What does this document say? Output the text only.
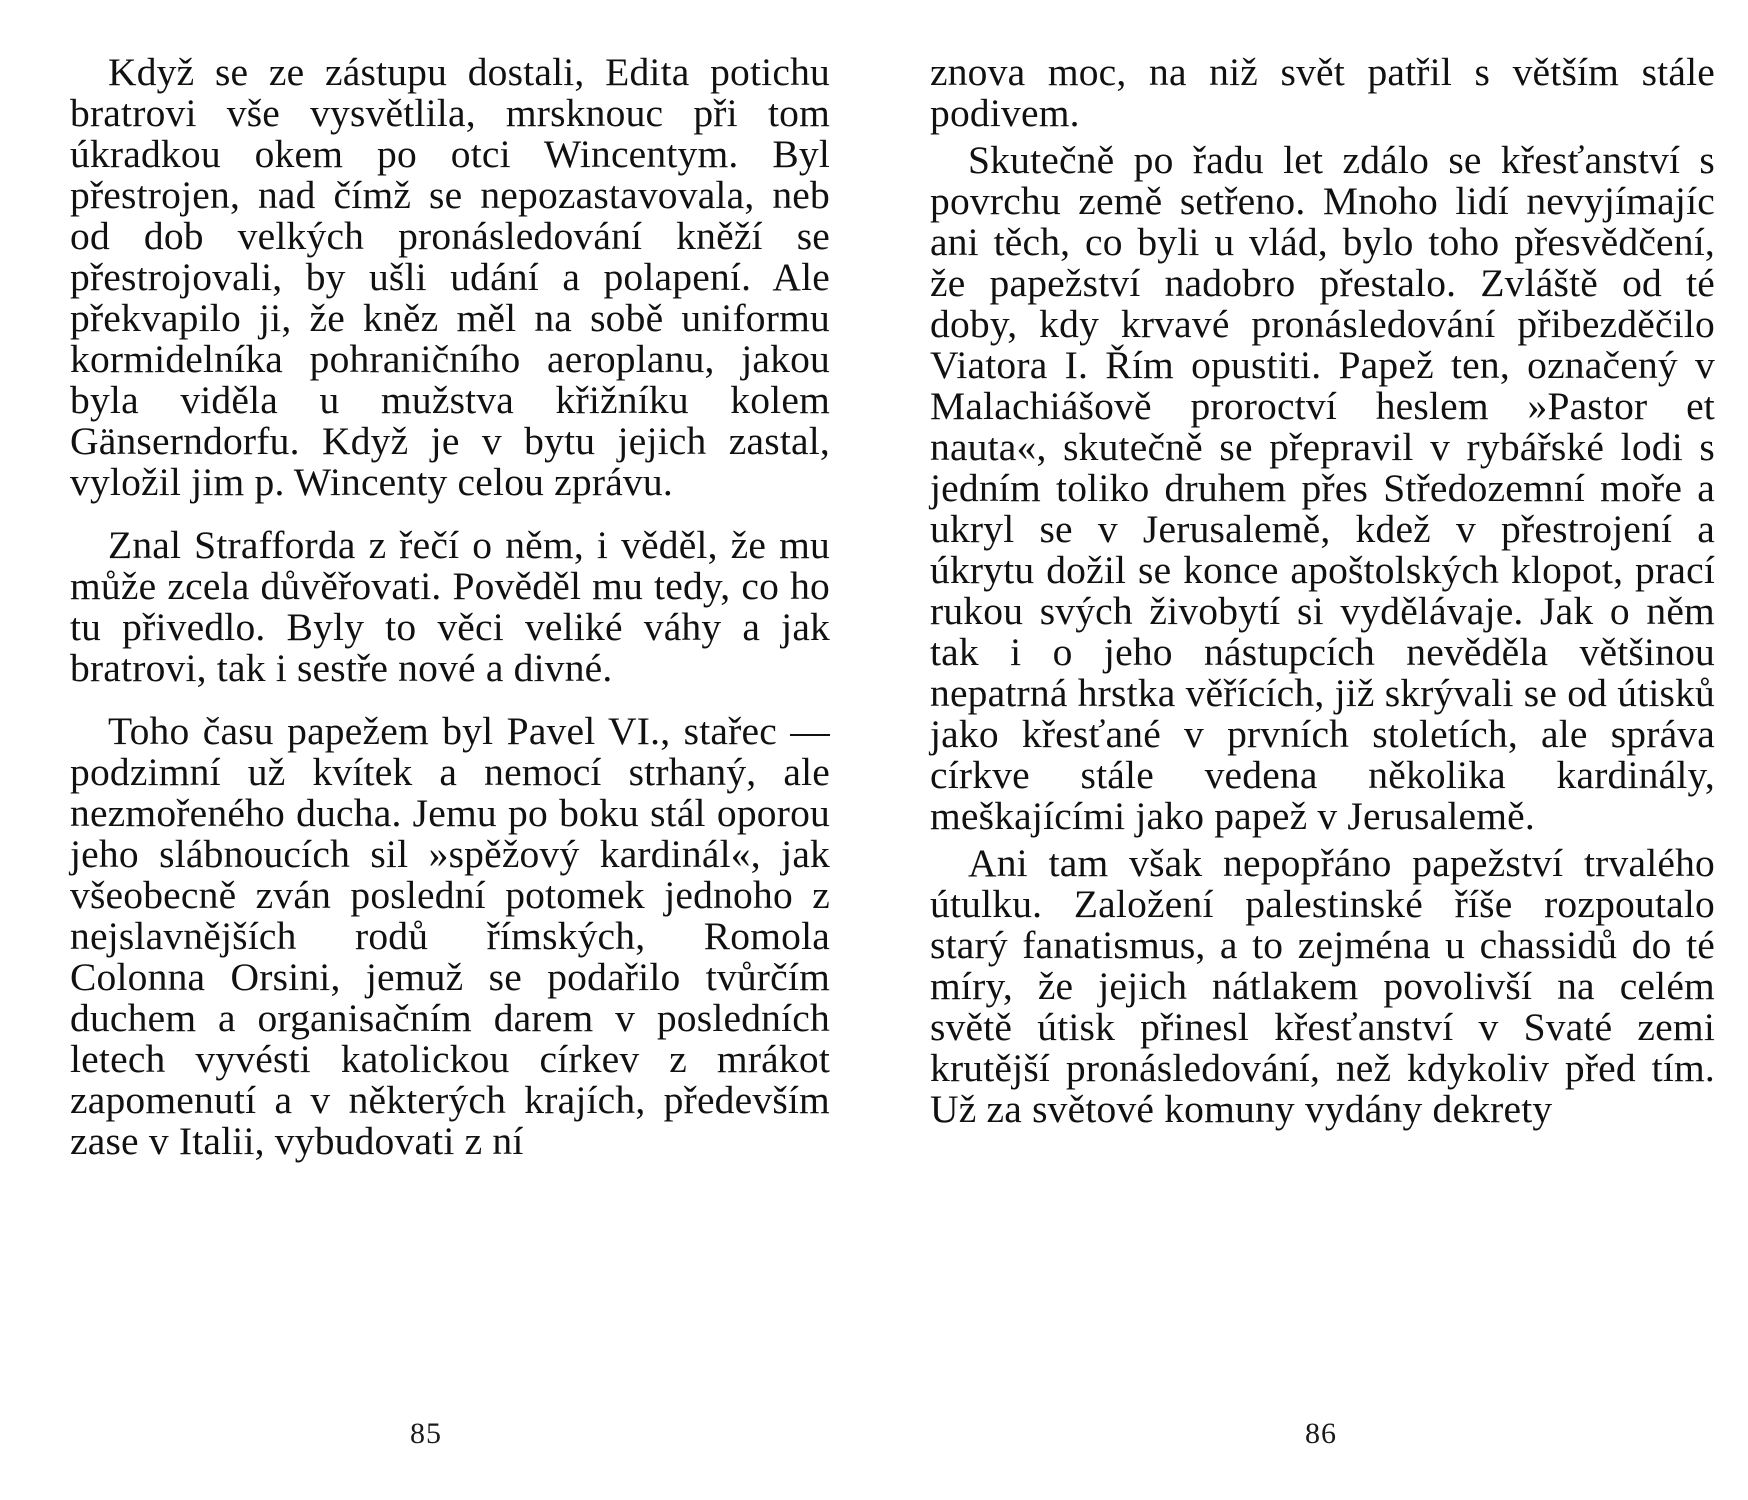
Když se ze zástupu dostali, Edita potichu bratrovi vše vysvětlila, mrsknouc při tom úkradkou okem po otci Wincentym. Byl přestrojen, nad čímž se nepozastavovala, neb od dob velkých pronásledování kněží se přestrojovali, by ušli udání a polapení. Ale překvapilo ji, že kněz měl na sobě uniformu kormidelníka pohraničního aeroplanu, jakou byla viděla u mužstva křižníku kolem Gänserndorfu. Když je v bytu jejich zastal, vyložil jim p. Wincenty celou zprávu.

Znal Strafforda z řečí o něm, i věděl, že mu může zcela důvěřovati. Pověděl mu tedy, co ho tu přivedlo. Byly to věci veliké váhy a jak bratrovi, tak i sestře nové a divné.

Toho času papežem byl Pavel VI., stařec — podzimní už kvítek a nemocí strhaný, ale nezmořeného ducha. Jemu po boku stál oporou jeho slábnoucích sil »spěžový kardinál«, jak všeobecně zván poslední potomek jednoho z nejslavnějších rodů římských, Romola Colonna Orsini, jemuž se podařilo tvůrčím duchem a organisačním darem v posledních letech vyvésti katolickou církev z mrákot zapomenutí a v některých krajích, především zase v Italii, vybudovati z ní

85

znova moc, na niž svět patřil s větším stále podivem.

Skutečně po řadu let zdálo se křesťanství s povrchu země setřeno. Mnoho lidí nevyjímajíc ani těch, co byli u vlád, bylo toho přesvědčení, že papežství nadobro přestalo. Zvláště od té doby, kdy krvavé pronásledování přibezděčilo Viatora I. Řím opustiti. Papež ten, označený v Malachiášově proroctví heslem »Pastor et nauta«, skutečně se přepravil v rybářské lodi s jedním toliko druhem přes Středozemní moře a ukryl se v Jerusalemě, kdež v přestrojení a úkrytu dožil se konce apoštolských klopot, prací rukou svých živobytí si vydělávaje. Jak o něm tak i o jeho nástupcích nevěděla většinou nepatrná hrstka věřících, již skrývali se od útisků jako křesťané v prvních stoletích, ale správa církve stále vedena několika kardinály, meškajícími jako papež v Jerusalemě.

Ani tam však nepopřáno papežství trvalého útulku. Založení palestinské říše rozpoutalo starý fanatismus, a to zejména u chassidů do té míry, že jejich nátlakem povolivší na celém světě útisk přinesl křesťanství v Svaté zemi krutější pronásledování, než kdykoliv před tím. Už za světové komuny vydány dekrety

86
